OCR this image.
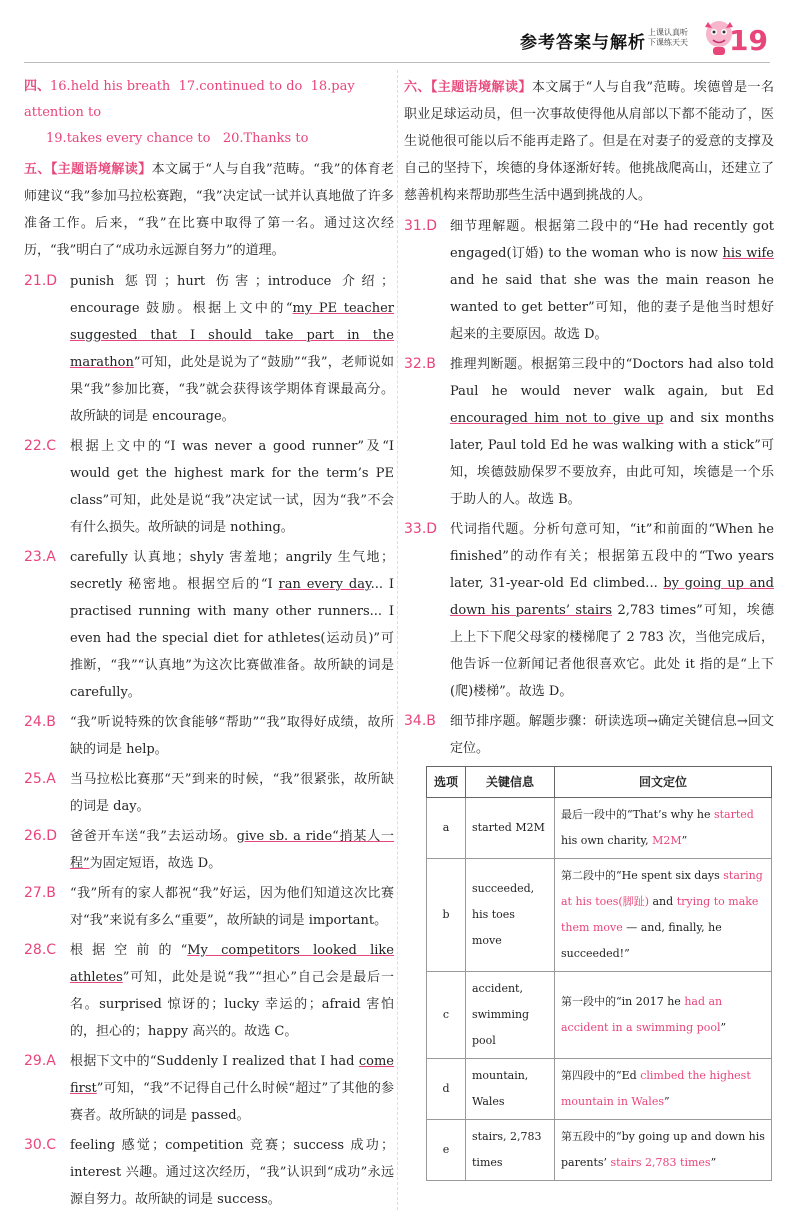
参考答案与解析
上课认真听
下课练天天	19
四、16.held his breath 17.continued to do 18.pay attention to
19.takes every chance to 20.Thanks to
五、【主题语境解读】本文属于“人与自我”范畴。“我”的体育老师建议“我”参加马拉松赛跑，“我”决定试一试并认真地做了许多准备工作。后来，“我”在比赛中取得了第一名。通过这次经历，“我”明白了“成功永远源自努力”的道理。
21.D punish 惩罚；hurt 伤害；introduce 介绍；encourage 鼓励。根据上文中的“my PE teacher suggested that I should take part in the marathon”可知，此处是说为了“鼓励”“我”，老师说如果“我”参加比赛，“我”就会获得该学期体育课最高分。故所缺的词是 encourage。
22.C	根据上文中的“I was never a good runner”及“I would get the highest mark for the term’s PE class”可知，此处是说“我”决定试一试，因为“我”不会有什么损失。故所缺的词是 nothing。
23.A	carefully 认真地；shyly 害羞地；angrily 生气地；secretly 秘密地。根据空后的“I ran every day... I practised running with many other runners... I even had the special diet for athletes(运动员)”可推断，“我”“认真地”为这次比赛做准备。故所缺的词是 carefully。
24.B	“我”听说特殊的饮食能够“帮助”“我”取得好成绩，故所缺的词是 help。
25.A	当马拉松比赛那“天”到来的时候，“我”很紧张，故所缺的词是 day。
26.D 爸爸开车送“我”去运动场。give sb. a ride“捎某人一程”为固定短语，故选 D。
27.B	“我”所有的家人都祝“我”好运，因为他们知道这次比赛对“我”来说有多么“重要”，故所缺的词是 important。
28.C	根据空前的“My competitors looked like athletes”可知，此处是说“我”“担心”自己会是最后一名。surprised 惊讶的；lucky 幸运的；afraid 害怕的，担心的；happy 高兴的。故选 C。
29.A	根据下文中的“Suddenly I realized that I had come first”可知，“我”不记得自己什么时候“超过”了其他的参赛者。故所缺的词是 passed。
30.C	feeling 感觉；competition 竞赛；success 成功；interest 兴趣。通过这次经历，“我”认识到“成功”永远源自努力。故所缺的词是 success。
六、【主题语境解读】本文属于“人与自我”范畴。埃德曾是一名职业足球运动员，但一次事故使得他从肩部以下都不能动了，医生说他很可能以后不能再走路了。但是在对妻子的爱意的支撑及自己的坚持下，埃德的身体逐渐好转。他挑战爬高山，还建立了慈善机构来帮助那些生活中遇到挑战的人。
31.D 细节理解题。根据第二段中的“He had recently got engaged(订婚) to the woman who is now his wife and he said that she was the main reason he wanted to get better”可知，他的妻子是他当时想好起来的主要原因。故选 D。
32.B	推理判断题。根据第三段中的“Doctors had also told Paul he would never walk again, but Ed encouraged him not to give up and six months later, Paul told Ed he was walking with a stick”可知，埃德鼓励保罗不要放弃，由此可知，埃德是一个乐于助人的人。故选 B。
33.D 代词指代题。分析句意可知，“it”和前面的“When he finished”的动作有关；根据第五段中的“Two years later, 31-year-old Ed climbed... by going up and down his parents’ stairs 2,783 times”可知，埃德上上下下爬父母家的楼梯爬了 2 783 次，当他完成后，他告诉一位新闻记者他很喜欢它。此处 it 指的是“上下(爬)楼梯”。故选 D。
34.B	细节排序题。解题步骤：研读选项→确定关键信息→回文定位。
选项	关键信息	回文定位
a	started M2M	最后一段中的“That’s why he started his own charity, M2M”
b	succeeded, his toes move	第二段中的“He spent six days staring at his toes(脚趾) and trying to make them move — and, finally, he succeeded!”
c	accident, swimming pool	第一段中的“in 2017 he had an accident in a swimming pool”
d	mountain, Wales	第四段中的“Ed climbed the highest mountain in Wales”
e	stairs, 2,783 times	第五段中的“by going up and down his parents’ stairs 2,783 times”
